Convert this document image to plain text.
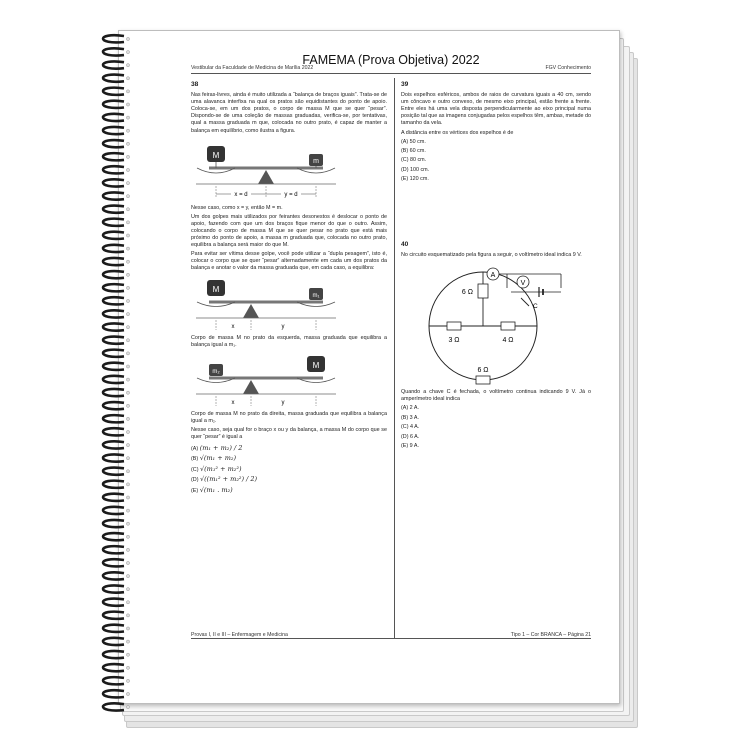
FAMEMA (Prova Objetiva) 2022
Vestibular da Faculdade de Medicina de Marília 2022	FGV Conhecimento
38

Nas feiras-livres, ainda é muito utilizada a “balança de braços iguais”. Trata-se de uma alavanca interfixa na qual os pratos são equidistantes do ponto de apoio. Coloca-se, em um dos pratos, o corpo de massa M que se quer “pesar”. Dispondo-se de uma coleção de massas graduadas, verifica-se, por tentativas, qual a massa graduada m que, colocada no outro prato, é capaz de manter a balança em equilíbrio, como ilustra a figura.

M
m
x = d	y = d

Nesse caso, como x = y, então M = m.

Um dos golpes mais utilizados por feirantes desonestos é deslocar o ponto de apoio, fazendo com que um dos braços fique menor do que o outro. Assim, colocando o corpo de massa M que se quer pesar no prato que está mais próximo do ponto de apoio, a massa m graduada que, colocada no outro prato, equilibra a balança será maior do que M.

Para evitar ser vítima desse golpe, você pode utilizar a “dupla pesagem”, isto é, colocar o corpo que se quer “pesar” alternadamente em cada um dos pratos da balança e anotar o valor da massa graduada que, em cada caso, a equilibra:

M
m₁
x	y

Corpo de massa M no prato da esquerda, massa graduada que equilibra a balança igual a m₁.

m₂
M
x	y

Corpo de massa M no prato da direita, massa graduada que equilibra a balança igual a m₂.

Nesse caso, seja qual for o braço x ou y da balança, a massa M do corpo que se quer “pesar” é igual a

(A) (m₁ + m₂) / 2

(B) √(m₁ + m₂)

(C) √(m₁² + m₂²)

(D) √((m₁² + m₂²) / 2)

(E) √(m₁ . m₂)

39

Dois espelhos esféricos, ambos de raios de curvatura iguais a 40 cm, sendo um côncavo e outro convexo, de mesmo eixo principal, estão frente a frente. Entre eles há uma vela disposta perpendicularmente ao eixo principal numa posição tal que as imagens conjugadas pelos espelhos têm, ambas, metade do tamanho da vela.

A distância entre os vértices dos espelhos é de

(A) 50 cm.

(B) 60 cm.

(C) 80 cm.

(D) 100 cm.

(E) 120 cm.

40

No circuito esquematizado pela figura a seguir, o voltímetro ideal indica 9 V.

6 Ω
3 Ω	4 Ω
6 Ω
A
V
C

Quando a chave C é fechada, o voltímetro continua indicando 9 V. Já o amperímetro ideal indica

(A) 2 A.

(B) 3 A.

(C) 4 A.

(D) 6 A.

(E) 9 A.

Provas I, II e III – Enfermagem e Medicina	Tipo 1 – Cor BRANCA – Página 21
